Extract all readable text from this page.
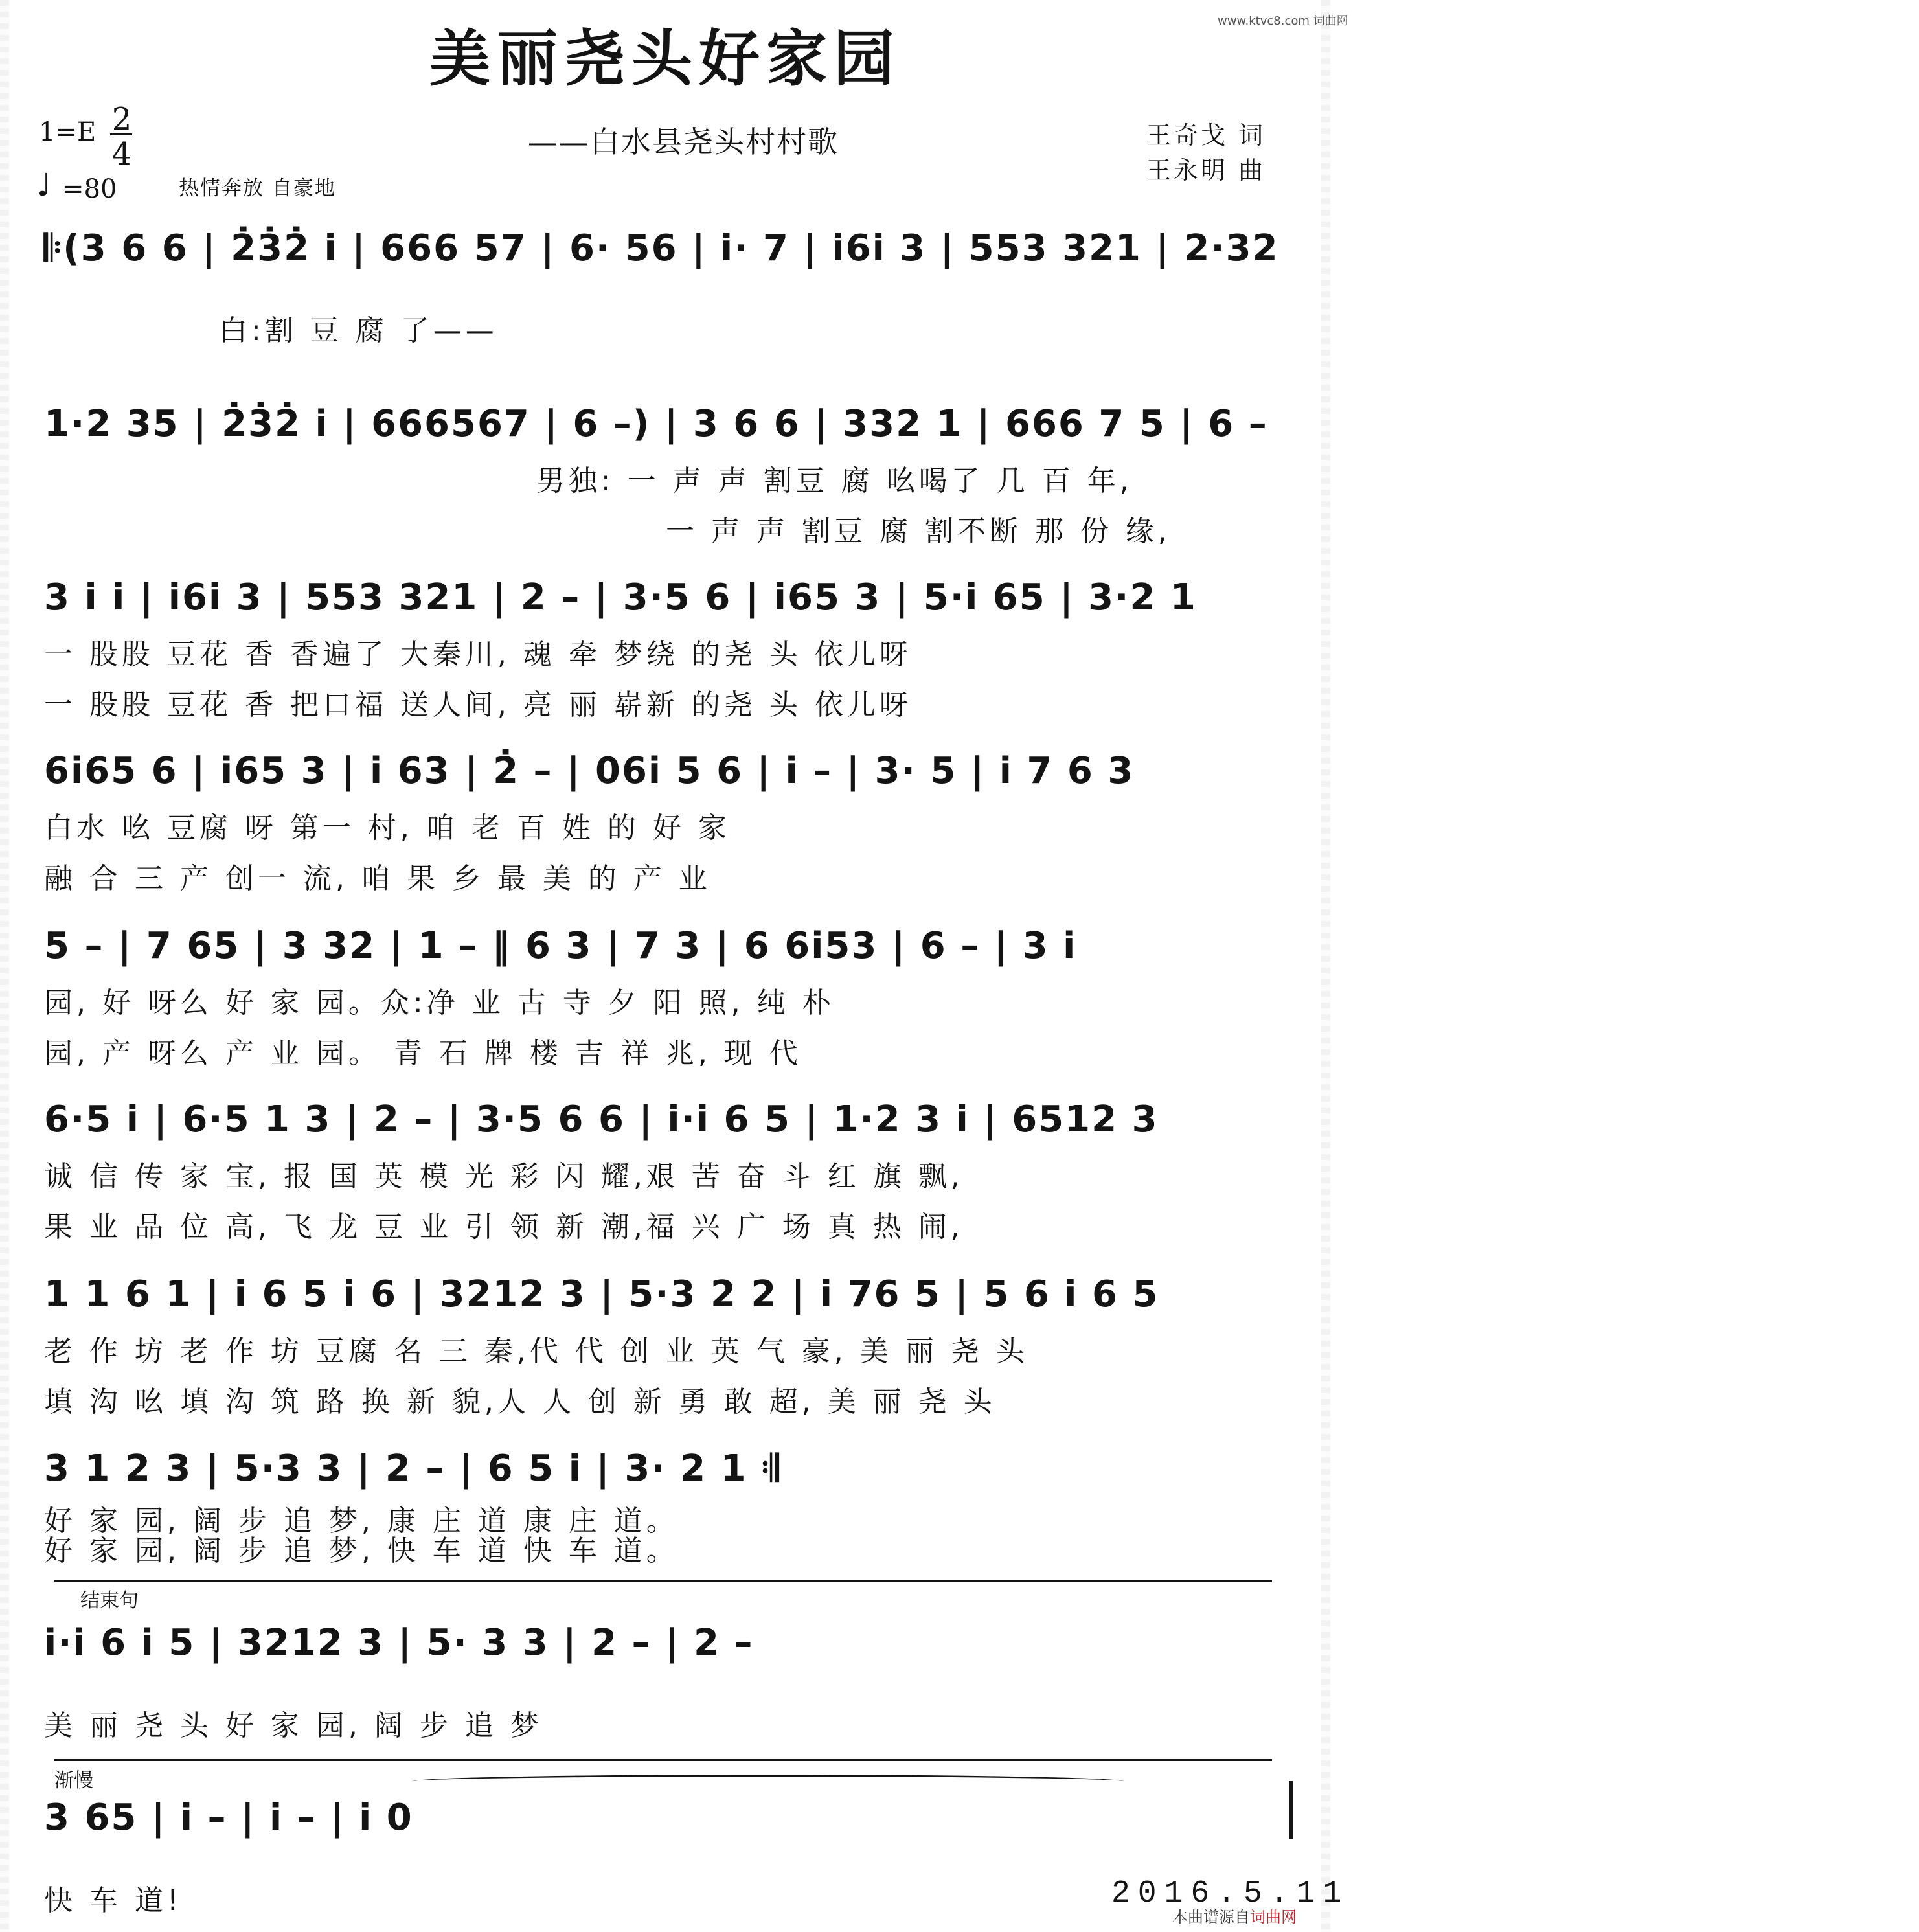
www.ktvc8.com 词曲网
美丽尧头好家园
——白水县尧头村村歌	王奇戈 词
王永明 曲
1=E 2
4
♩ =80	热情奔放 自豪地
𝄆(3 6 6 | 2̇3̇2̇ i̇ | 666 57 | 6· 56 | i̇· 7 | i̇6i̇ 3 | 553 321 | 2·32
白:割 豆 腐 了——
1·2 35 | 2̇3̇2̇ i̇ | 666567 | 6 –) | 3 6 6 | 332 1 | 666 7 5 | 6 –
男独: 一 声 声 割豆 腐 吆喝了 几 百 年,
一 声 声 割豆 腐 割不断 那 份 缘,
3 i̇ i̇ | i̇6i̇ 3 | 553 321 | 2 – | 3·5 6 | i̇65 3 | 5·i̇ 65 | 3·2 1
一 股股 豆花 香 香遍了 大秦川, 魂 牵 梦绕 的尧 头 依儿呀
一 股股 豆花 香 把口福 送人间, 亮 丽 崭新 的尧 头 依儿呀
6i̇65 6 | i̇65 3 | i̇ 63 | 2̇ – | 06i̇ 5 6 | i̇ – | 3· 5 | i̇ 7 6 3
白水 吆 豆腐 呀 第一 村, 咱 老 百 姓 的 好 家
融 合 三 产 创一 流, 咱 果 乡 最 美 的 产 业
5 – | 7 65 | 3 32 | 1 – ‖ 6 3 | 7 3 | 6 6i̇53 | 6 – | 3 i̇
园, 好 呀么 好 家 园。众:净 业 古 寺 夕 阳 照, 纯 朴
园, 产 呀么 产 业 园。 青 石 牌 楼 吉 祥 兆, 现 代
6·5 i̇ | 6·5 1 3 | 2 – | 3·5 6 6 | i̇·i̇ 6 5 | 1·2 3 i̇ | 6512 3
诚 信 传 家 宝, 报 国 英 模 光 彩 闪 耀,艰 苦 奋 斗 红 旗 飘,
果 业 品 位 高, 飞 龙 豆 业 引 领 新 潮,福 兴 广 场 真 热 闹,
1 1 6 1 | i̇ 6 5 i̇ 6 | 3212 3 | 5·3 2 2 | i̇ 76 5 | 5 6 i̇ 6 5
老 作 坊 老 作 坊 豆腐 名 三 秦,代 代 创 业 英 气 豪, 美 丽 尧 头
填 沟 吆 填 沟 筑 路 换 新 貌,人 人 创 新 勇 敢 超, 美 丽 尧 头
3 1 2 3 | 5·3 3 | 2 – | 6 5 i̇ | 3· 2 1 𝄇
好 家 园, 阔 步 追 梦, 康 庄 道 康 庄 道。
好 家 园, 阔 步 追 梦, 快 车 道 快 车 道。
结束句
i̇·i̇ 6 i̇ 5 | 3212 3 | 5· 3 3 | 2 – | 2 –
美 丽 尧 头 好 家 园, 阔 步 追 梦
渐慢
3 65 | i̇ – | i̇ – | i̇ 0
快 车 道!	2016.5.11
本曲谱源自词曲网
